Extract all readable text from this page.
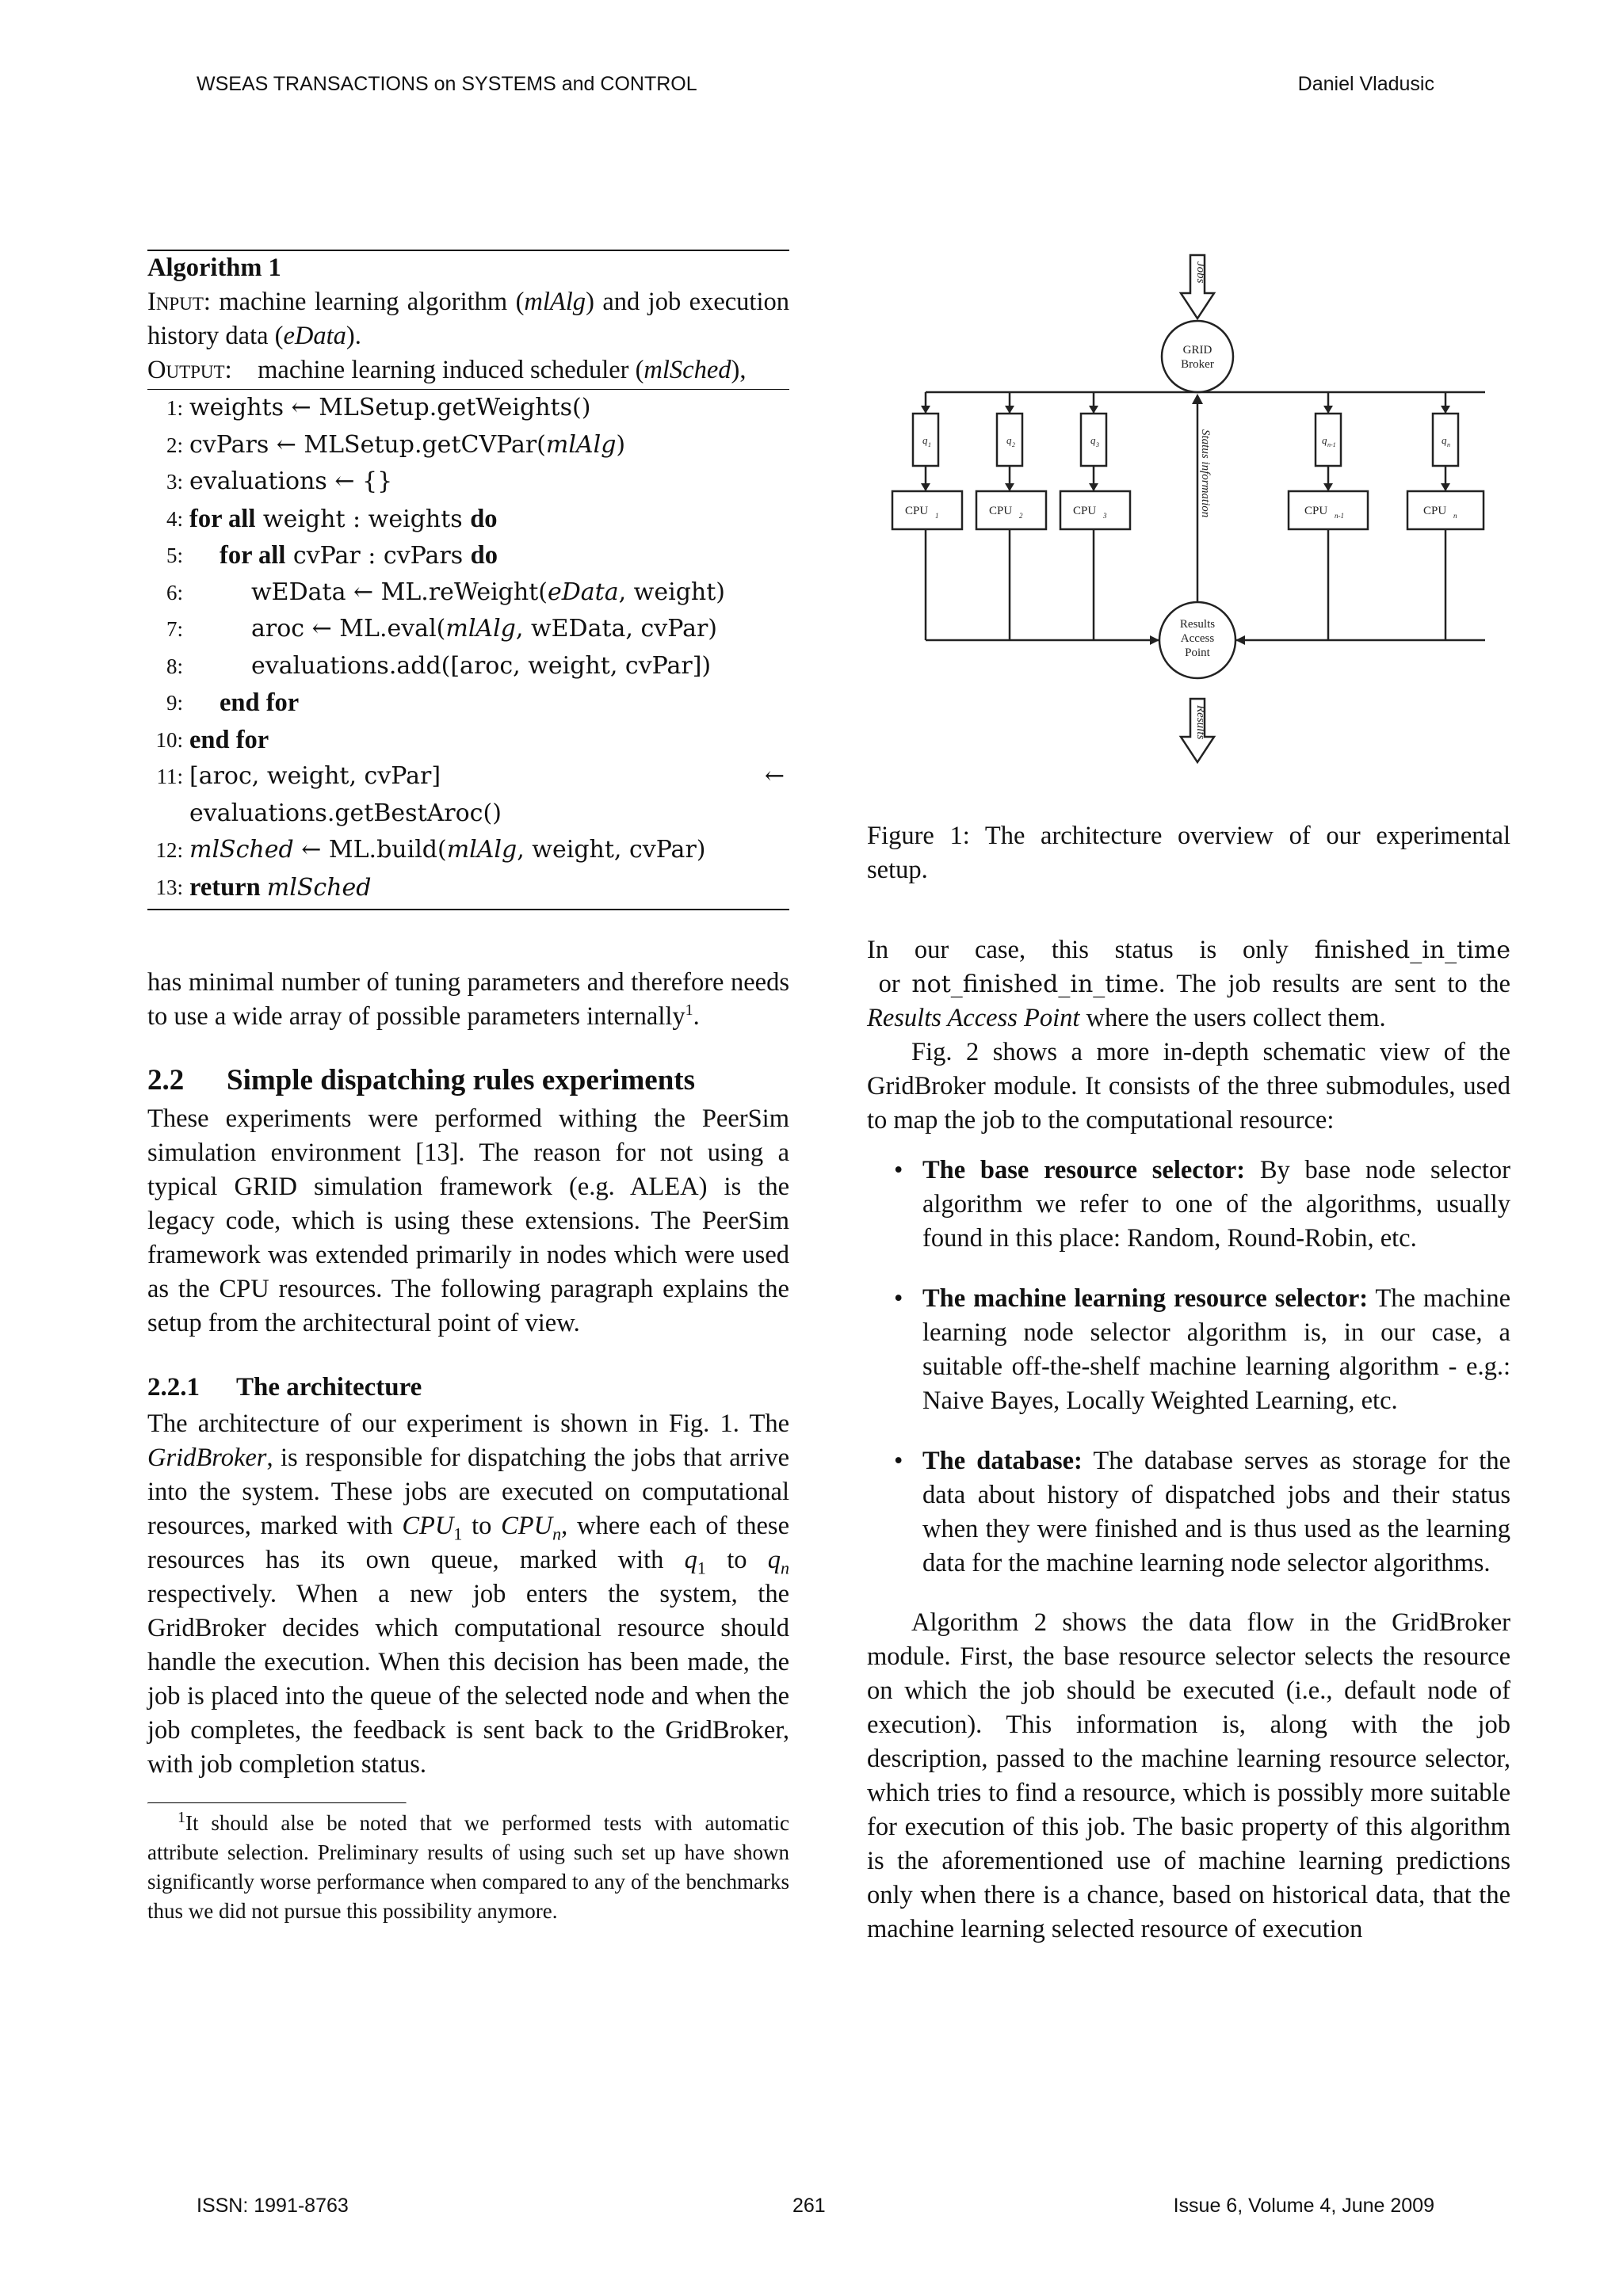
WSEAS TRANSACTIONS on SYSTEMS and CONTROL	Daniel Vladusic

Algorithm 1

Input: machine learning algorithm (mlAlg) and job execution history data (eData).

Output:    machine learning induced scheduler (mlSched),

1: weights ← MLSetup.getWeights()
2: cvPars ← MLSetup.getCVPar(mlAlg)
3: evaluations ← {}
4: for all weight : weights do
5:	for all cvPar : cvPars do
6:	wEData ← ML.reWeight(eData, weight)
7:	aroc ← ML.eval(mlAlg, wEData, cvPar)
8:	evaluations.add([aroc, weight, cvPar])
9:	end for
10: end for
11: [aroc, weight, cvPar]	←
evaluations.getBestAroc()
12: mlSched ← ML.build(mlAlg, weight, cvPar)
13: return mlSched

has minimal number of tuning parameters and therefore needs to use a wide array of possible parameters internally$^1$.

2.2 Simple dispatching rules experiments

These experiments were performed withing the PeerSim simulation environment [13]. The reason for not using a typical GRID simulation framework (e.g. ALEA) is the legacy code, which is using these extensions. The PeerSim framework was extended primarily in nodes which were used as the CPU resources. The following paragraph explains the setup from the architectural point of view.

2.2.1 The architecture

The architecture of our experiment is shown in Fig. 1. The GridBroker, is responsible for dispatching the jobs that arrive into the system. These jobs are executed on computational resources, marked with $CPU_1$ to $CPU_n$, where each of these resources has its own queue, marked with $q_1$ to $q_n$ respectively. When a new job enters the system, the GridBroker decides which computational resource should handle the execution. When this decision has been made, the job is placed into the queue of the selected node and when the job completes, the feedback is sent back to the GridBroker, with job completion status.

$^1$It should alse be noted that we performed tests with automatic attribute selection. Preliminary results of using such set up have shown significantly worse performance when compared to any of the benchmarks thus we did not pursue this possibility anymore.

Jobs
Results
GRID
Broker
Results
Access
Point
Status information
q 1	q 2	q 3	q n-1	q n
CPU 1	CPU 2	CPU 3	CPU n-1	CPU n

Figure 1: The architecture overview of our experimental setup.

In our case, this status is only finished_in_time or not_finished_in_time. The job results are sent to the Results Access Point where the users collect them.

Fig. 2 shows a more in-depth schematic view of the GridBroker module. It consists of the three submodules, used to map the job to the computational resource:

• The base resource selector: By base node selector algorithm we refer to one of the algorithms, usually found in this place: Random, Round-Robin, etc.
• The machine learning resource selector: The machine learning node selector algorithm is, in our case, a suitable off-the-shelf machine learning algorithm - e.g.: Naive Bayes, Locally Weighted Learning, etc.
• The database: The database serves as storage for the data about history of dispatched jobs and their status when they were finished and is thus used as the learning data for the machine learning node selector algorithms.

Algorithm 2 shows the data flow in the GridBroker module. First, the base resource selector selects the resource on which the job should be executed (i.e., default node of execution). This information is, along with the job description, passed to the machine learning resource selector, which tries to find a resource, which is possibly more suitable for execution of this job. The basic property of this algorithm is the aforementioned use of machine learning predictions only when there is a chance, based on historical data, that the machine learning selected resource of execution

ISSN: 1991-8763	261	Issue 6, Volume 4, June 2009
